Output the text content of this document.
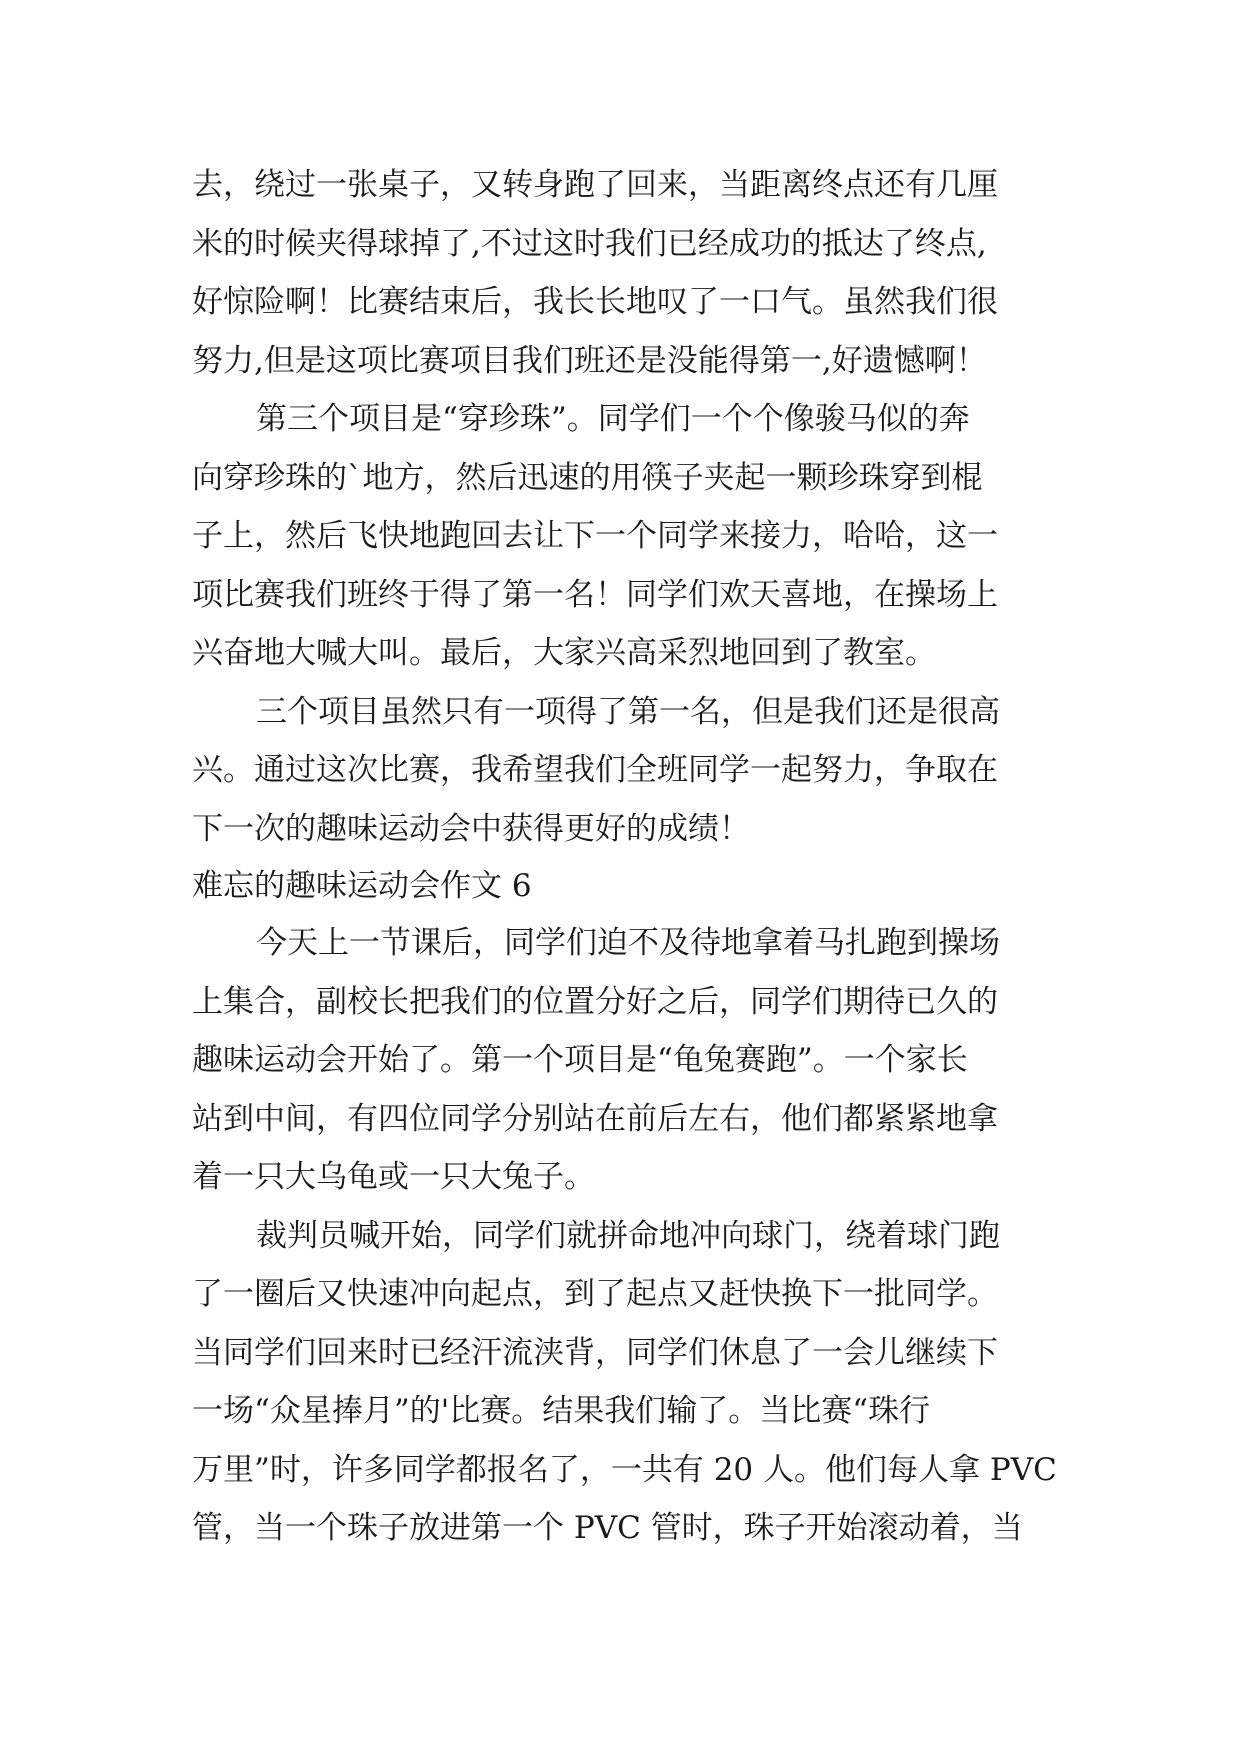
去，绕过一张桌子，又转身跑了回来，当距离终点还有几厘
米的时候夹得球掉了,不过这时我们已经成功的抵达了终点,
好惊险啊！比赛结束后，我长长地叹了一口气。虽然我们很
努力,但是这项比赛项目我们班还是没能得第一,好遗憾啊！
第三个项目是“穿珍珠”。同学们一个个像骏马似的奔
向穿珍珠的`地方，然后迅速的用筷子夹起一颗珍珠穿到棍
子上，然后飞快地跑回去让下一个同学来接力，哈哈，这一
项比赛我们班终于得了第一名！同学们欢天喜地，在操场上
兴奋地大喊大叫。最后，大家兴高采烈地回到了教室。
三个项目虽然只有一项得了第一名，但是我们还是很高
兴。通过这次比赛，我希望我们全班同学一起努力，争取在
下一次的趣味运动会中获得更好的成绩！
难忘的趣味运动会作文 6
今天上一节课后，同学们迫不及待地拿着马扎跑到操场
上集合，副校长把我们的位置分好之后，同学们期待已久的
趣味运动会开始了。第一个项目是“龟兔赛跑”。一个家长
站到中间，有四位同学分别站在前后左右，他们都紧紧地拿
着一只大乌龟或一只大兔子。
裁判员喊开始，同学们就拼命地冲向球门，绕着球门跑
了一圈后又快速冲向起点，到了起点又赶快换下一批同学。
当同学们回来时已经汗流浃背，同学们休息了一会儿继续下
一场“众星捧月”的'比赛。结果我们输了。当比赛“珠行
万里”时，许多同学都报名了，一共有 20 人。他们每人拿 PVC
管，当一个珠子放进第一个 PVC 管时，珠子开始滚动着，当
